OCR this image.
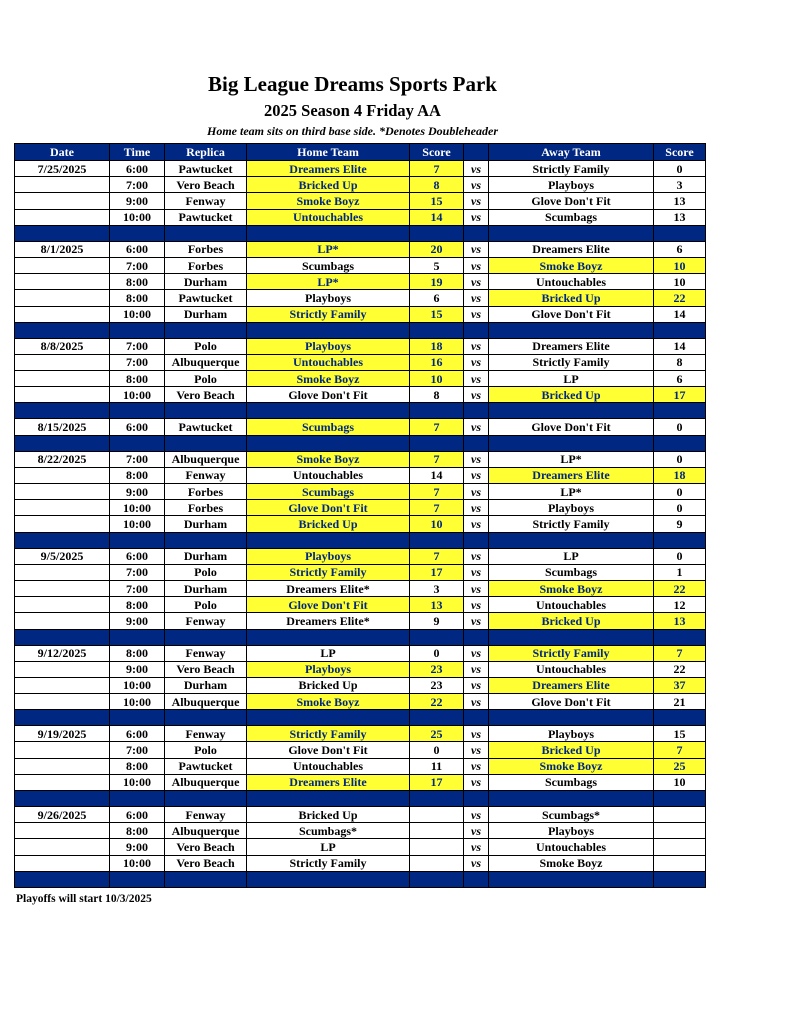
Big League Dreams Sports Park
2025 Season 4 Friday AA
Home team sits on third base side. *Denotes Doubleheader
Date	Time	Replica	Home Team	Score		Away Team	Score
7/25/2025	6:00	Pawtucket	Dreamers Elite	7	vs	Strictly Family	0
	7:00	Vero Beach	Bricked Up	8	vs	Playboys	3
	9:00	Fenway	Smoke Boyz	15	vs	Glove Don't Fit	13
	10:00	Pawtucket	Untouchables	14	vs	Scumbags	13

8/1/2025	6:00	Forbes	LP*	20	vs	Dreamers Elite	6
	7:00	Forbes	Scumbags	5	vs	Smoke Boyz	10
	8:00	Durham	LP*	19	vs	Untouchables	10
	8:00	Pawtucket	Playboys	6	vs	Bricked Up	22
	10:00	Durham	Strictly Family	15	vs	Glove Don't Fit	14

8/8/2025	7:00	Polo	Playboys	18	vs	Dreamers Elite	14
	7:00	Albuquerque	Untouchables	16	vs	Strictly Family	8
	8:00	Polo	Smoke Boyz	10	vs	LP	6
	10:00	Vero Beach	Glove Don't Fit	8	vs	Bricked Up	17

8/15/2025	6:00	Pawtucket	Scumbags	7	vs	Glove Don't Fit	0

8/22/2025	7:00	Albuquerque	Smoke Boyz	7	vs	LP*	0
	8:00	Fenway	Untouchables	14	vs	Dreamers Elite	18
	9:00	Forbes	Scumbags	7	vs	LP*	0
	10:00	Forbes	Glove Don't Fit	7	vs	Playboys	0
	10:00	Durham	Bricked Up	10	vs	Strictly Family	9

9/5/2025	6:00	Durham	Playboys	7	vs	LP	0
	7:00	Polo	Strictly Family	17	vs	Scumbags	1
	7:00	Durham	Dreamers Elite*	3	vs	Smoke Boyz	22
	8:00	Polo	Glove Don't Fit	13	vs	Untouchables	12
	9:00	Fenway	Dreamers Elite*	9	vs	Bricked Up	13

9/12/2025	8:00	Fenway	LP	0	vs	Strictly Family	7
	9:00	Vero Beach	Playboys	23	vs	Untouchables	22
	10:00	Durham	Bricked Up	23	vs	Dreamers Elite	37
	10:00	Albuquerque	Smoke Boyz	22	vs	Glove Don't Fit	21

9/19/2025	6:00	Fenway	Strictly Family	25	vs	Playboys	15
	7:00	Polo	Glove Don't Fit	0	vs	Bricked Up	7
	8:00	Pawtucket	Untouchables	11	vs	Smoke Boyz	25
	10:00	Albuquerque	Dreamers Elite	17	vs	Scumbags	10

9/26/2025	6:00	Fenway	Bricked Up		vs	Scumbags*	
	8:00	Albuquerque	Scumbags*		vs	Playboys	
	9:00	Vero Beach	LP		vs	Untouchables	
	10:00	Vero Beach	Strictly Family		vs	Smoke Boyz	

Playoffs will start 10/3/2025
